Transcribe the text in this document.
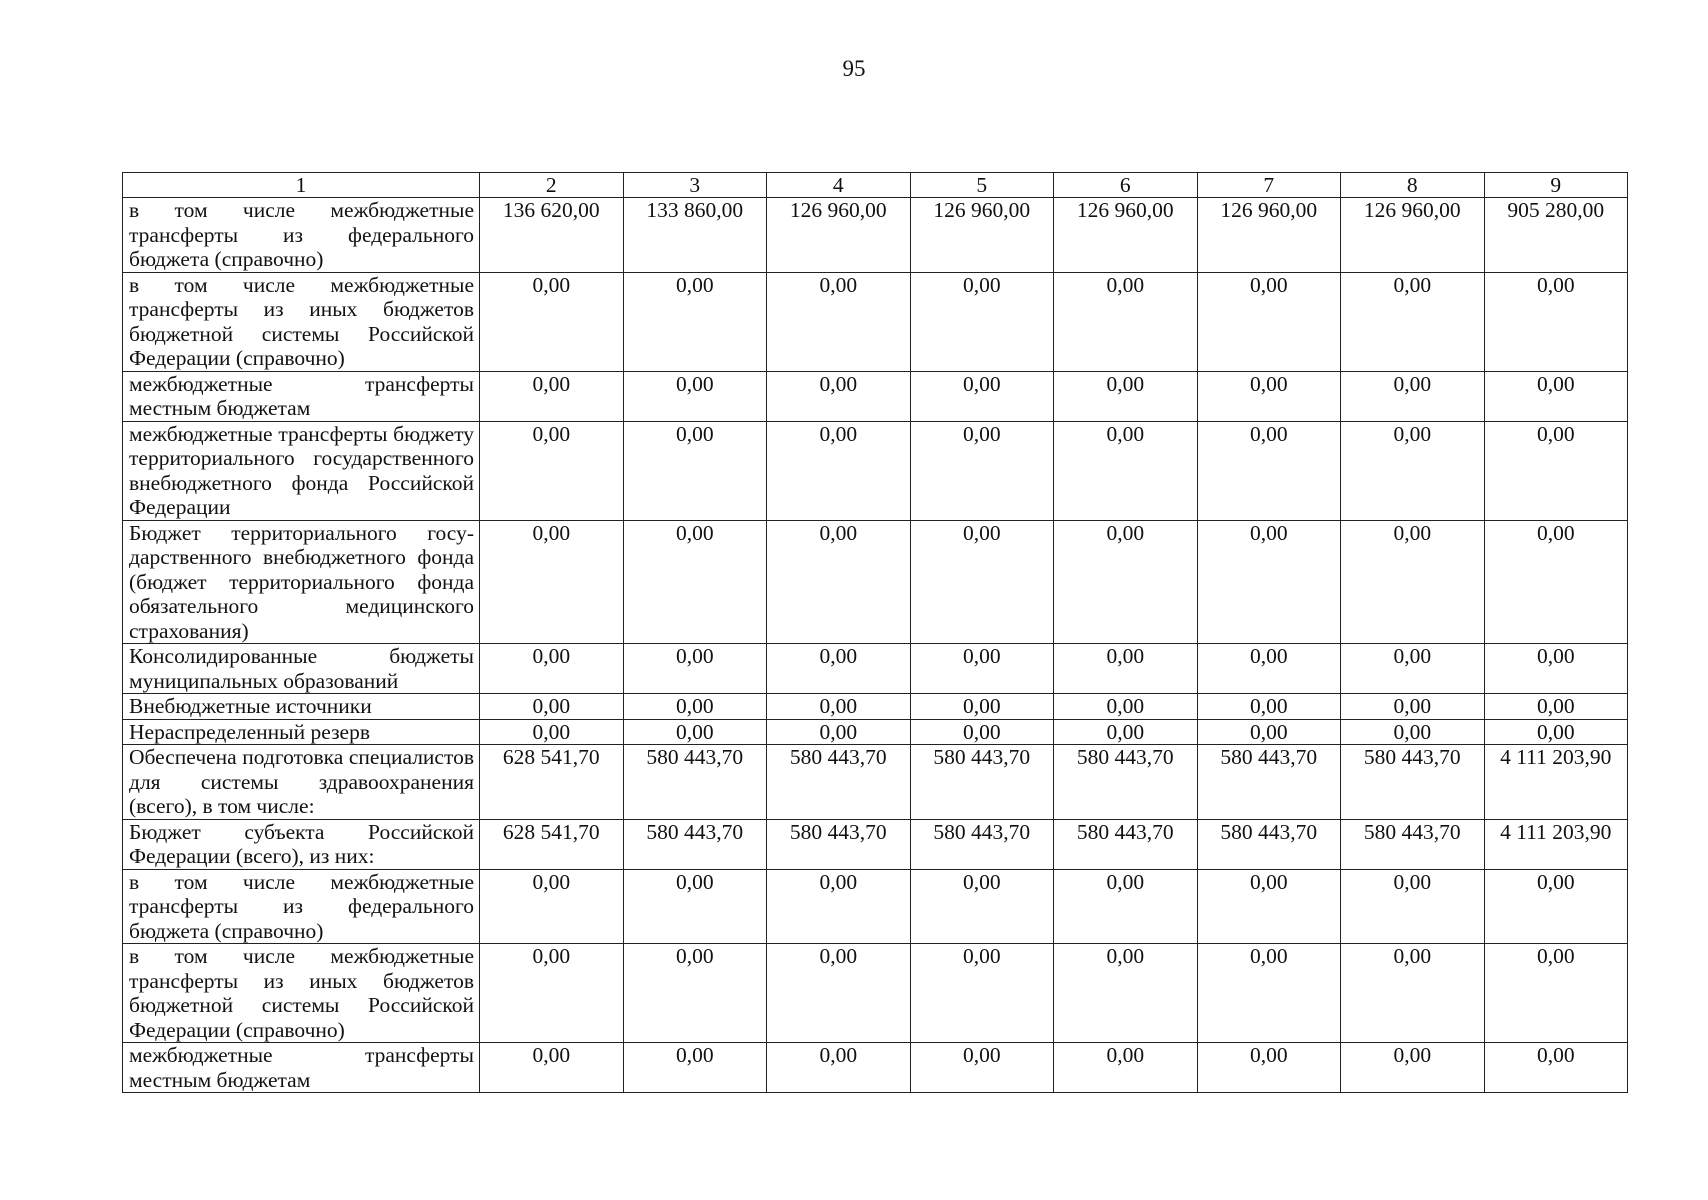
95
1	2	3	4	5	6	7	8	9
в том числе межбюджетные трансферты из федерального бюджета (справочно)	136 620,00	133 860,00	126 960,00	126 960,00	126 960,00	126 960,00	126 960,00	905 280,00
в том числе межбюджетные трансферты из иных бюджетов бюджетной системы Российской Федерации (справочно)	0,00	0,00	0,00	0,00	0,00	0,00	0,00	0,00
межбюджетные трансферты местным бюджетам	0,00	0,00	0,00	0,00	0,00	0,00	0,00	0,00
межбюджетные трансферты бюджету территориального государственного внебюджетного фонда Российской Федерации	0,00	0,00	0,00	0,00	0,00	0,00	0,00	0,00
Бюджет территориального государственного внебюджетного фонда (бюджет территориального фонда обязательного медицинского страхования)	0,00	0,00	0,00	0,00	0,00	0,00	0,00	0,00
Консолидированные бюджеты муниципальных образований	0,00	0,00	0,00	0,00	0,00	0,00	0,00	0,00
Внебюджетные источники	0,00	0,00	0,00	0,00	0,00	0,00	0,00	0,00
Нераспределенный резерв	0,00	0,00	0,00	0,00	0,00	0,00	0,00	0,00
Обеспечена подготовка специалистов для системы здравоохранения (всего), в том числе:	628 541,70	580 443,70	580 443,70	580 443,70	580 443,70	580 443,70	580 443,70	4 111 203,90
Бюджет субъекта Российской Федерации (всего), из них:	628 541,70	580 443,70	580 443,70	580 443,70	580 443,70	580 443,70	580 443,70	4 111 203,90
в том числе межбюджетные трансферты из федерального бюджета (справочно)	0,00	0,00	0,00	0,00	0,00	0,00	0,00	0,00
в том числе межбюджетные трансферты из иных бюджетов бюджетной системы Российской Федерации (справочно)	0,00	0,00	0,00	0,00	0,00	0,00	0,00	0,00
межбюджетные трансферты местным бюджетам	0,00	0,00	0,00	0,00	0,00	0,00	0,00	0,00
